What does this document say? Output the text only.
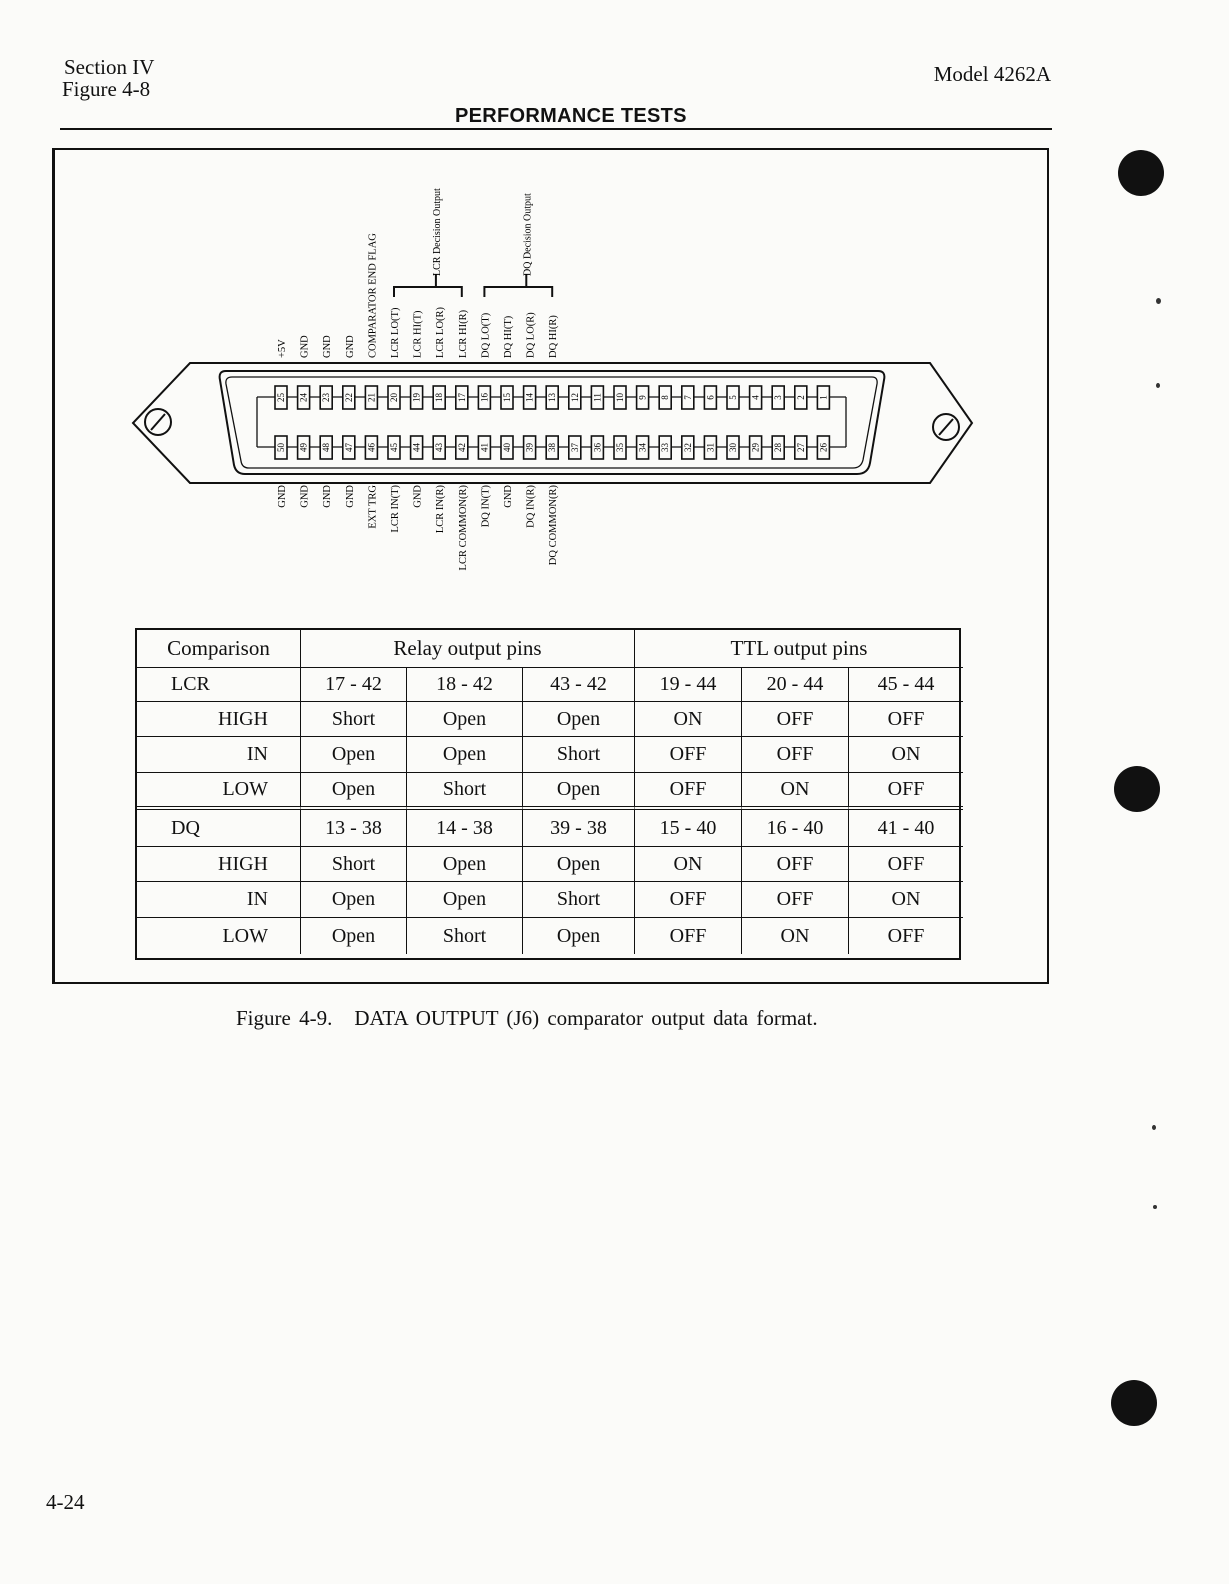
Section IV
Figure 4-8
Model 4262A
PERFORMANCE TESTS
25 24 23 22 21 20 19 18 17 16 15 14 13 12 11 10 9 8 7 6 5 4 3 2 1
50 49 48 47 46 45 44 43 42 41 40 39 38 37 36 35 34 33 32 31 30 29 28 27 26
+5V GND GND GND COMPARATOR END FLAG LCR LO(T) LCR HI(T) LCR LO(R) LCR HI(R) DQ LO(T) DQ HI(T) DQ LO(R) DQ HI(R)
GND GND GND GND EXT TRG LCR IN(T) GND LCR IN(R) LCR COMMON(R) DQ IN(T) GND DQ IN(R) DQ COMMON(R)
LCR Decision Output	DQ Decision Output
Comparison	Relay output pins	TTL output pins
LCR	17 - 42	18 - 42	43 - 42	19 - 44	20 - 44	45 - 44
HIGH	Short	Open	Open	ON	OFF	OFF
IN	Open	Open	Short	OFF	OFF	ON
LOW	Open	Short	Open	OFF	ON	OFF
DQ	13 - 38	14 - 38	39 - 38	15 - 40	16 - 40	41 - 40
HIGH	Short	Open	Open	ON	OFF	OFF
IN	Open	Open	Short	OFF	OFF	ON
LOW	Open	Short	Open	OFF	ON	OFF
Figure 4-9. DATA OUTPUT (J6) comparator output data format.
4-24
